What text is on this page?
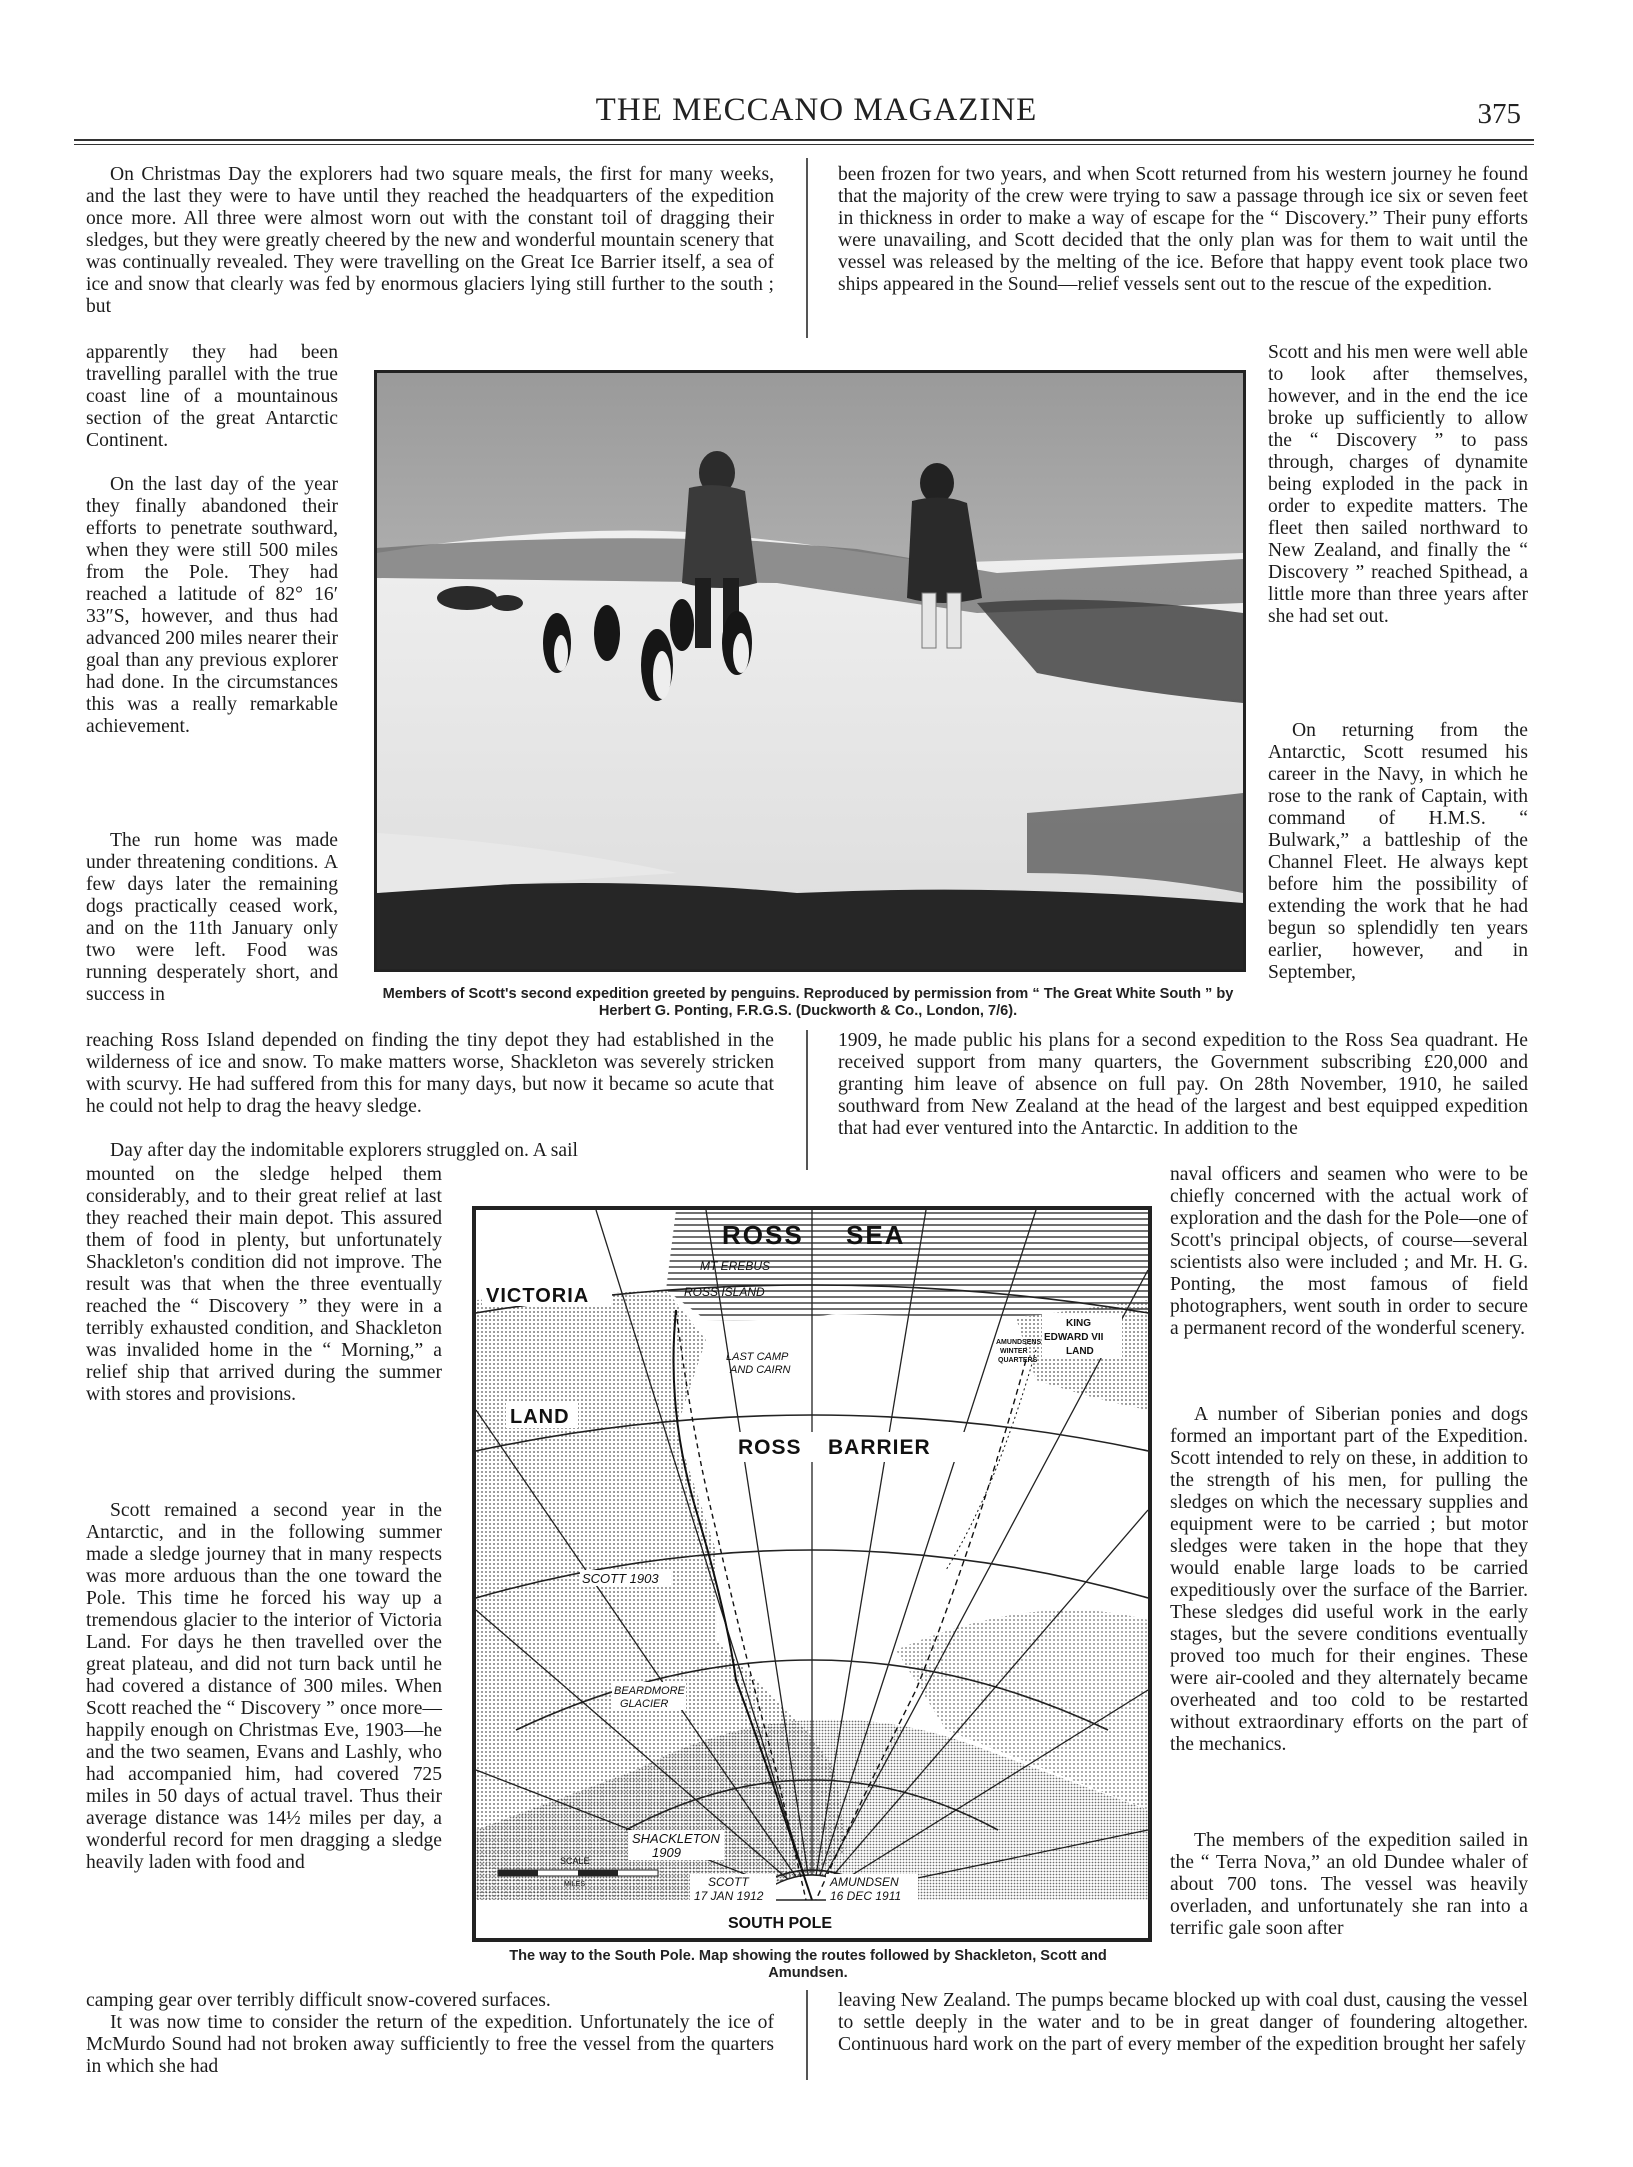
THE MECCANO MAGAZINE	375

On Christmas Day the explorers had two square meals, the first for many weeks, and the last they were to have until they reached the headquarters of the expedition once more. All three were almost worn out with the constant toil of dragging their sledges, but they were greatly cheered by the new and wonderful mountain scenery that was continually revealed. They were travelling on the Great Ice Barrier itself, a sea of ice and snow that clearly was fed by enormous glaciers lying still further to the south ; but

apparently they had been travelling parallel with the true coast line of a mountainous section of the great Antarctic Continent.

On the last day of the year they finally abandoned their efforts to penetrate southward, when they were still 500 miles from the Pole. They had reached a latitude of 82° 16′ 33″S, however, and thus had advanced 200 miles nearer their goal than any previous explorer had done. In the circumstances this was a really remarkable achievement.

The run home was made under threatening conditions. A few days later the remaining dogs practically ceased work, and on the 11th January only two were left. Food was running desperately short, and success in

reaching Ross Island depended on finding the tiny depot they had established in the wilderness of ice and snow. To make matters worse, Shackleton was severely stricken with scurvy. He had suffered from this for many days, but now it became so acute that he could not help to drag the heavy sledge.

Day after day the indomitable explorers struggled on. A sail

mounted on the sledge helped them considerably, and to their great relief at last they reached their main depot. This assured them of food in plenty, but unfortunately Shackleton's condition did not improve. The result was that when the three eventually reached the “ Discovery ” they were in a terribly exhausted condition, and Shackleton was invalided home in the “ Morning,” a relief ship that arrived during the summer with stores and provisions.

Scott remained a second year in the Antarctic, and in the following summer made a sledge journey that in many respects was more arduous than the one toward the Pole. This time he forced his way up a tremendous glacier to the interior of Victoria Land. For days he then travelled over the great plateau, and did not turn back until he had covered a distance of 300 miles. When Scott reached the “ Discovery ” once more—happily enough on Christmas Eve, 1903—he and the two seamen, Evans and Lashly, who had accompanied him, had covered 725 miles in 50 days of actual travel. Thus their average distance was 14½ miles per day, a wonderful record for men dragging a sledge heavily laden with food and

camping gear over terribly difficult snow-covered surfaces.

It was now time to consider the return of the expedition. Unfortunately the ice of McMurdo Sound had not broken away sufficiently to free the vessel from the quarters in which she had

been frozen for two years, and when Scott returned from his western journey he found that the majority of the crew were trying to saw a passage through ice six or seven feet in thickness in order to make a way of escape for the “ Discovery.” Their puny efforts were unavailing, and Scott decided that the only plan was for them to wait until the vessel was released by the melting of the ice. Before that happy event took place two ships appeared in the Sound—relief vessels sent out to the rescue of the expedition.

Scott and his men were well able to look after themselves, however, and in the end the ice broke up sufficiently to allow the “ Discovery ” to pass through, charges of dynamite being exploded in the pack in order to expedite matters. The fleet then sailed northward to New Zealand, and finally the “ Discovery ” reached Spithead, a little more than three years after she had set out.

On returning from the Antarctic, Scott resumed his career in the Navy, in which he rose to the rank of Captain, with command of H.M.S. “ Bulwark,” a battleship of the Channel Fleet. He always kept before him the possibility of extending the work that he had begun so splendidly ten years earlier, however, and in September,

1909, he made public his plans for a second expedition to the Ross Sea quadrant. He received support from many quarters, the Government subscribing £20,000 and granting him leave of absence on full pay. On 28th November, 1910, he sailed southward from New Zealand at the head of the largest and best equipped expedition that had ever ventured into the Antarctic. In addition to the

naval officers and seamen who were to be chiefly concerned with the actual work of exploration and the dash for the Pole—one of Scott's principal objects, of course—several scientists also were included ; and Mr. H. G. Ponting, the most famous of field photographers, went south in order to secure a permanent record of the wonderful scenery.

A number of Siberian ponies and dogs formed an important part of the Expedition. Scott intended to rely on these, in addition to the strength of his men, for pulling the sledges on which the necessary supplies and equipment were to be carried ; but motor sledges were taken in the hope that they would enable large loads to be carried expeditiously over the surface of the Barrier. These sledges did useful work in the early stages, but the severe conditions eventually proved too much for their engines. These were air-cooled and they alternately became overheated and too cold to be restarted without extraordinary efforts on the part of the mechanics.

The members of the expedition sailed in the “ Terra Nova,” an old Dundee whaler of about 700 tons. The vessel was heavily overladen, and unfortunately she ran into a terrific gale soon after

leaving New Zealand. The pumps became blocked up with coal dust, causing the vessel to settle deeply in the water and to be in great danger of foundering altogether. Continuous hard work on the part of every member of the expedition brought her safely

Members of Scott's second expedition greeted by penguins. Reproduced by permission from “ The Great White South ” by Herbert G. Ponting, F.R.G.S. (Duckworth & Co., London, 7/6).

ROSS SEA
VICTORIA
LAND
ROSS BARRIER
MT EREBUS
ROSS ISLAND
KING
EDWARD VII
LAND
AMUNDSENS
WINTER
QUARTERS
LAST CAMP
AND CAIRN
SCOTT 1903
BEARDMORE
GLACIER
SHACKLETON
1909
SCOTT
17 JAN 1912
AMUNDSEN
16 DEC 1911
SOUTH POLE
SCALE
MILES

The way to the South Pole. Map showing the routes followed by Shackleton, Scott and Amundsen.
